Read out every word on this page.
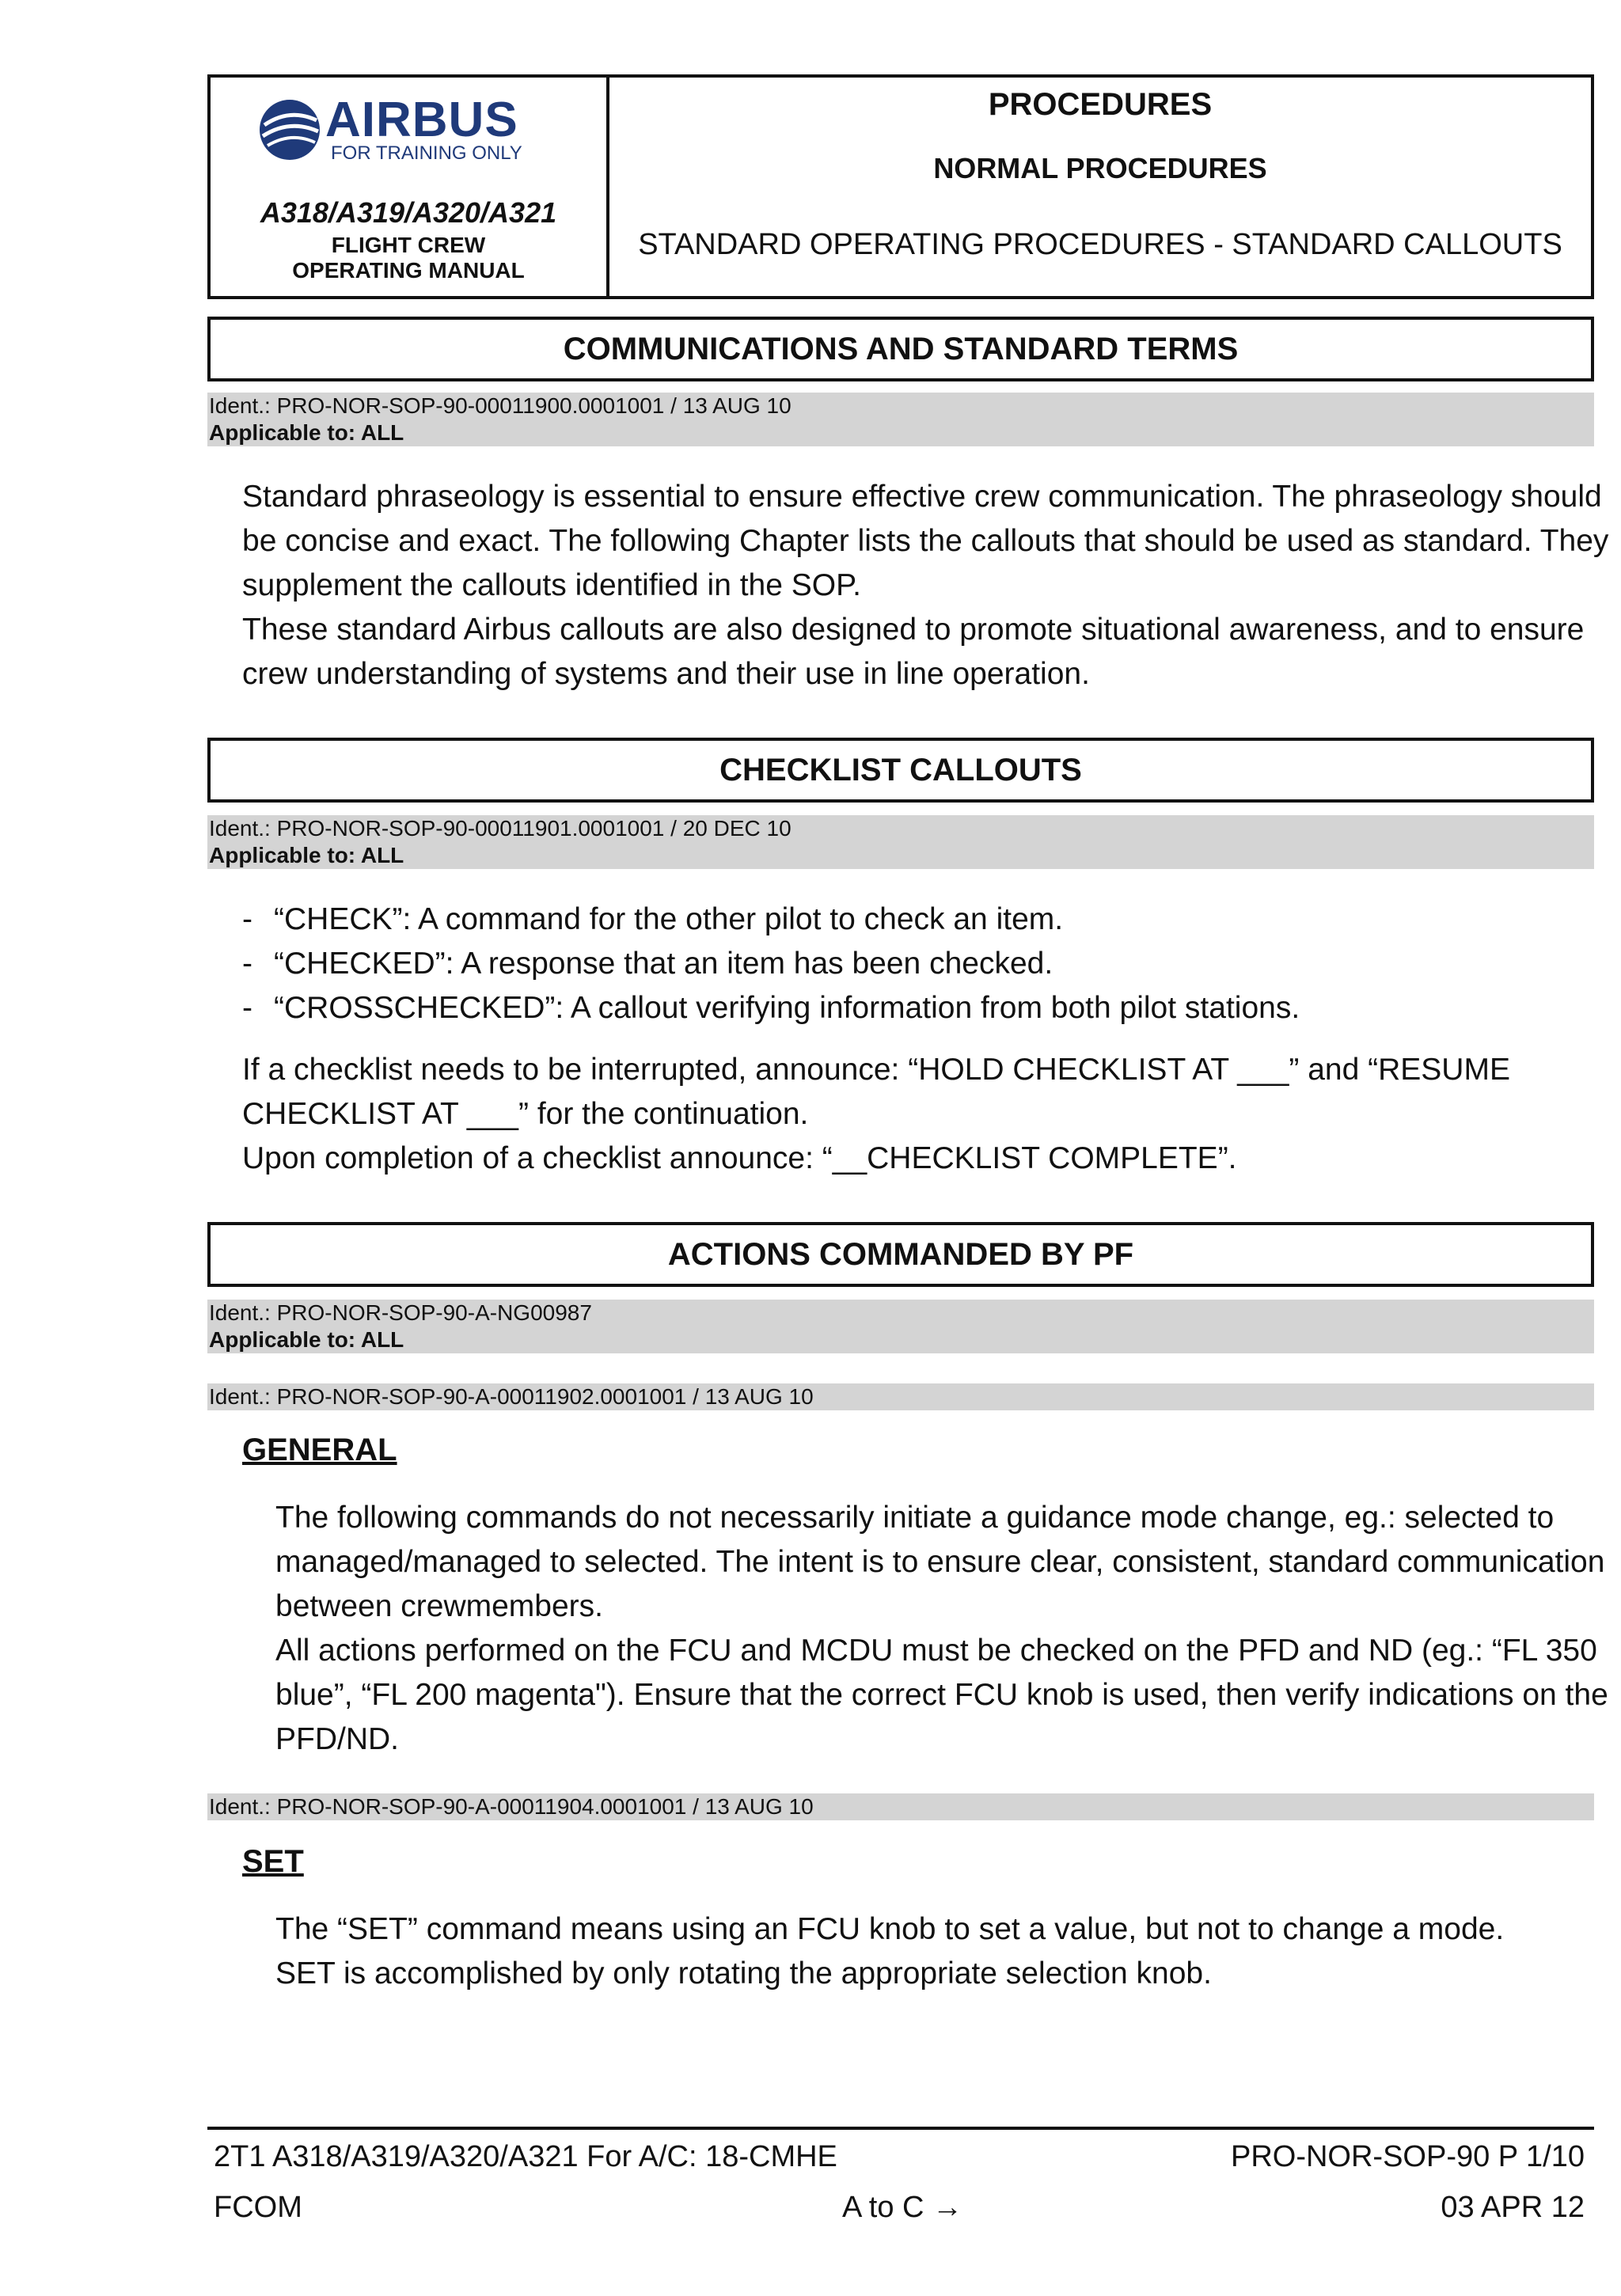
AIRBUS
FOR TRAINING ONLY
A318/A319/A320/A321
FLIGHT CREW
OPERATING MANUAL
PROCEDURES
NORMAL PROCEDURES
STANDARD OPERATING PROCEDURES - STANDARD CALLOUTS
COMMUNICATIONS AND STANDARD TERMS
Ident.: PRO-NOR-SOP-90-00011900.0001001 / 13 AUG 10
Applicable to: ALL
Standard phraseology is essential to ensure effective crew communication. The phraseology should
be concise and exact. The following Chapter lists the callouts that should be used as standard. They
supplement the callouts identified in the SOP.
These standard Airbus callouts are also designed to promote situational awareness, and to ensure
crew understanding of systems and their use in line operation.
CHECKLIST CALLOUTS
Ident.: PRO-NOR-SOP-90-00011901.0001001 / 20 DEC 10
Applicable to: ALL
- “CHECK”: A command for the other pilot to check an item.
- “CHECKED”: A response that an item has been checked.
- “CROSSCHECKED”: A callout verifying information from both pilot stations.
If a checklist needs to be interrupted, announce: “HOLD CHECKLIST AT ___” and “RESUME
CHECKLIST AT ___” for the continuation.
Upon completion of a checklist announce: “__CHECKLIST COMPLETE”.
ACTIONS COMMANDED BY PF
Ident.: PRO-NOR-SOP-90-A-NG00987
Applicable to: ALL
Ident.: PRO-NOR-SOP-90-A-00011902.0001001 / 13 AUG 10
GENERAL
The following commands do not necessarily initiate a guidance mode change, eg.: selected to
managed/managed to selected. The intent is to ensure clear, consistent, standard communication
between crewmembers.
All actions performed on the FCU and MCDU must be checked on the PFD and ND (eg.: “FL 350
blue”, “FL 200 magenta"). Ensure that the correct FCU knob is used, then verify indications on the
PFD/ND.
Ident.: PRO-NOR-SOP-90-A-00011904.0001001 / 13 AUG 10
SET
The “SET” command means using an FCU knob to set a value, but not to change a mode.
SET is accomplished by only rotating the appropriate selection knob.
2T1 A318/A319/A320/A321 For A/C: 18-CMHE
FCOM	A to C →
PRO-NOR-SOP-90 P 1/10
03 APR 12
